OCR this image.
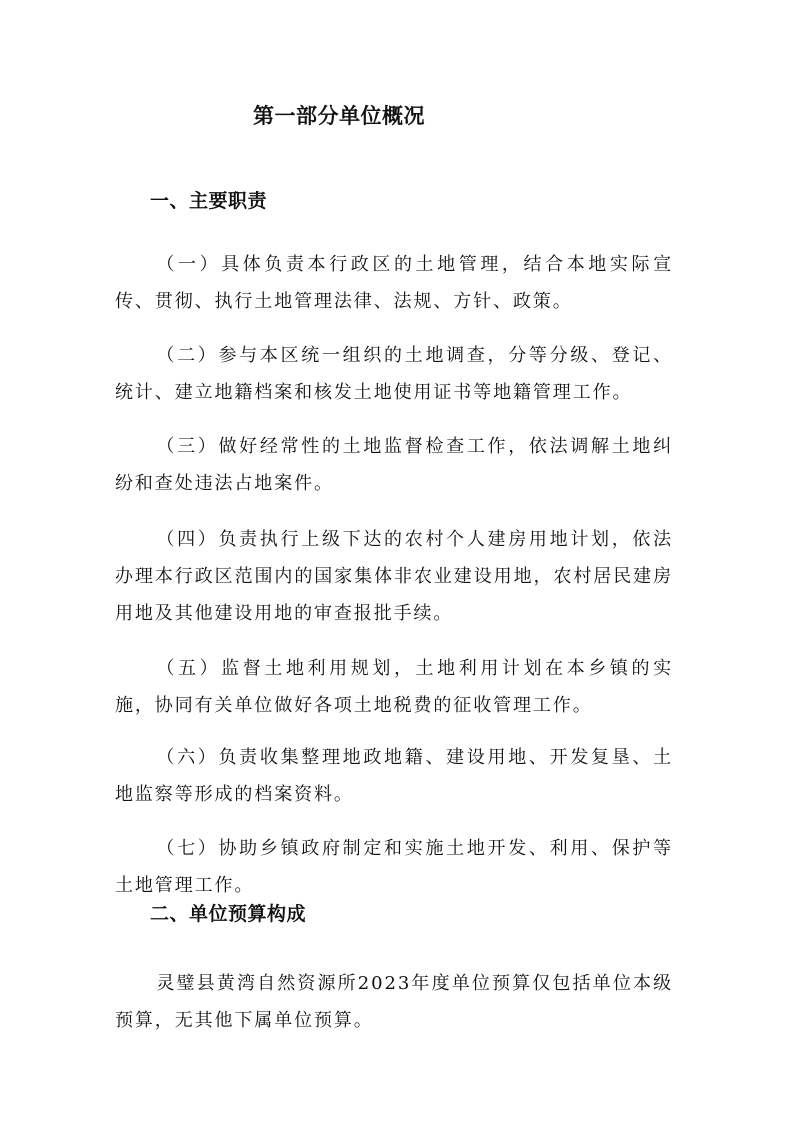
第一部分单位概况
一、主要职责

（一）具体负责本行政区的土地管理，结合本地实际宣传、贯彻、执行土地管理法律、法规、方针、政策。

（二）参与本区统一组织的土地调查，分等分级、登记、统计、建立地籍档案和核发土地使用证书等地籍管理工作。

（三）做好经常性的土地监督检查工作，依法调解土地纠纷和查处违法占地案件。

（四）负责执行上级下达的农村个人建房用地计划，依法办理本行政区范围内的国家集体非农业建设用地，农村居民建房用地及其他建设用地的审查报批手续。

（五）监督土地利用规划，土地利用计划在本乡镇的实施，协同有关单位做好各项土地税费的征收管理工作。

（六）负责收集整理地政地籍、建设用地、开发复垦、土地监察等形成的档案资料。

（七）协助乡镇政府制定和实施土地开发、利用、保护等土地管理工作。

二、单位预算构成

灵璧县黄湾自然资源所2023年度单位预算仅包括单位本级预算，无其他下属单位预算。
